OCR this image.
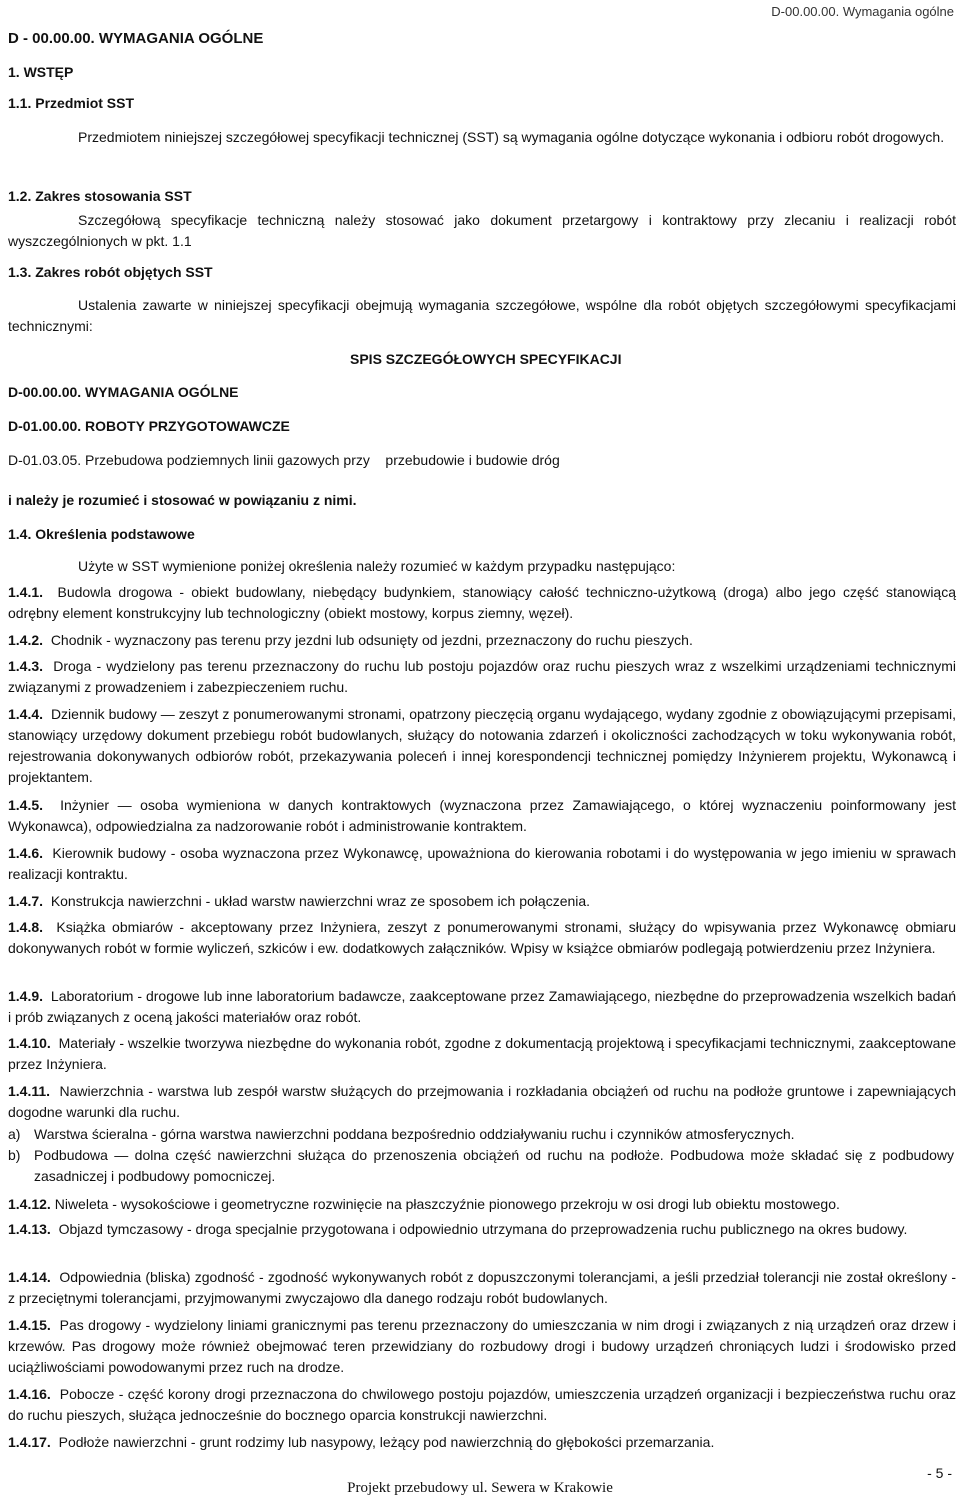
D-00.00.00. Wymagania ogólne
D - 00.00.00. WYMAGANIA OGÓLNE
1. WSTĘP
1.1. Przedmiot SST
Przedmiotem niniejszej szczegółowej specyfikacji technicznej (SST) są wymagania ogólne dotyczące wykonania i odbioru robót drogowych.
1.2. Zakres stosowania SST
Szczegółową specyfikacje techniczną należy stosować jako dokument przetargowy i kontraktowy przy zlecaniu i realizacji robót wyszczególnionych w pkt. 1.1
1.3. Zakres robót objętych SST
Ustalenia zawarte w niniejszej specyfikacji obejmują wymagania szczegółowe, wspólne dla robót objętych szczegółowymi specyfikacjami technicznymi:
SPIS SZCZEGÓŁOWYCH SPECYFIKACJI
D-00.00.00. WYMAGANIA OGÓLNE
D-01.00.00. ROBOTY PRZYGOTOWAWCZE
D-01.03.05. Przebudowa podziemnych linii gazowych przy    przebudowie i budowie dróg
i należy je rozumieć i stosować w powiązaniu z nimi.
1.4. Określenia podstawowe
Użyte w SST wymienione poniżej określenia należy rozumieć w każdym przypadku następująco:
1.4.1. Budowla drogowa - obiekt budowlany, niebędący budynkiem, stanowiący całość techniczno-użytkową (droga) albo jego część stanowiącą odrębny element konstrukcyjny lub technologiczny (obiekt mostowy, korpus ziemny, węzeł).
1.4.2. Chodnik - wyznaczony pas terenu przy jezdni lub odsunięty od jezdni, przeznaczony do ruchu pieszych.
1.4.3. Droga - wydzielony pas terenu przeznaczony do ruchu lub postoju pojazdów oraz ruchu pieszych wraz z wszelkimi urządzeniami technicznymi związanymi z prowadzeniem i zabezpieczeniem ruchu.
1.4.4. Dziennik budowy — zeszyt z ponumerowanymi stronami, opatrzony pieczęcią organu wydającego, wydany zgodnie z obowiązującymi przepisami, stanowiący urzędowy dokument przebiegu robót budowlanych, służący do notowania zdarzeń i okoliczności zachodzących w toku wykonywania robót, rejestrowania dokonywanych odbiorów robót, przekazywania poleceń i innej korespondencji technicznej pomiędzy Inżynierem projektu, Wykonawcą i projektantem.
1.4.5. Inżynier — osoba wymieniona w danych kontraktowych (wyznaczona przez Zamawiającego, o której wyznaczeniu poinformowany jest Wykonawca), odpowiedzialna za nadzorowanie robót i administrowanie kontraktem.
1.4.6. Kierownik budowy - osoba wyznaczona przez Wykonawcę, upoważniona do kierowania robotami i do występowania w jego imieniu w sprawach realizacji kontraktu.
1.4.7. Konstrukcja nawierzchni - układ warstw nawierzchni wraz ze sposobem ich połączenia.
1.4.8. Książka obmiarów - akceptowany przez Inżyniera, zeszyt z ponumerowanymi stronami, służący do wpisywania przez Wykonawcę obmiaru dokonywanych robót w formie wyliczeń, szkiców i ew. dodatkowych załączników. Wpisy w książce obmiarów podlegają potwierdzeniu przez Inżyniera.
1.4.9. Laboratorium - drogowe lub inne laboratorium badawcze, zaakceptowane przez Zamawiającego, niezbędne do przeprowadzenia wszelkich badań i prób związanych z oceną jakości materiałów oraz robót.
1.4.10. Materiały - wszelkie tworzywa niezbędne do wykonania robót, zgodne z dokumentacją projektową i specyfikacjami technicznymi, zaakceptowane przez Inżyniera.
1.4.11. Nawierzchnia - warstwa lub zespół warstw służących do przejmowania i rozkładania obciążeń od ruchu na podłoże gruntowe i zapewniających dogodne warunki dla ruchu.
a) Warstwa ścieralna - górna warstwa nawierzchni poddana bezpośrednio oddziaływaniu ruchu i czynników atmosferycznych.
b) Podbudowa — dolna część nawierzchni służąca do przenoszenia obciążeń od ruchu na podłoże. Podbudowa może składać się z podbudowy zasadniczej i podbudowy pomocniczej.
1.4.12. Niweleta - wysokościowe i geometryczne rozwinięcie na płaszczyźnie pionowego przekroju w osi drogi lub obiektu mostowego.
1.4.13. Objazd tymczasowy - droga specjalnie przygotowana i odpowiednio utrzymana do przeprowadzenia ruchu publicznego na okres budowy.
1.4.14. Odpowiednia (bliska) zgodność - zgodność wykonywanych robót z dopuszczonymi tolerancjami, a jeśli przedział tolerancji nie został określony - z przeciętnymi tolerancjami, przyjmowanymi zwyczajowo dla danego rodzaju robót budowlanych.
1.4.15. Pas drogowy - wydzielony liniami granicznymi pas terenu przeznaczony do umieszczania w nim drogi i związanych z nią urządzeń oraz drzew i krzewów. Pas drogowy może również obejmować teren przewidziany do rozbudowy drogi i budowy urządzeń chroniących ludzi i środowisko przed uciążliwościami powodowanymi przez ruch na drodze.
1.4.16. Pobocze - część korony drogi przeznaczona do chwilowego postoju pojazdów, umieszczenia urządzeń organizacji i bezpieczeństwa ruchu oraz do ruchu pieszych, służąca jednocześnie do bocznego oparcia konstrukcji nawierzchni.
1.4.17. Podłoże nawierzchni - grunt rodzimy lub nasypowy, leżący pod nawierzchnią do głębokości przemarzania.
- 5 -
Projekt przebudowy ul. Sewera w Krakowie
